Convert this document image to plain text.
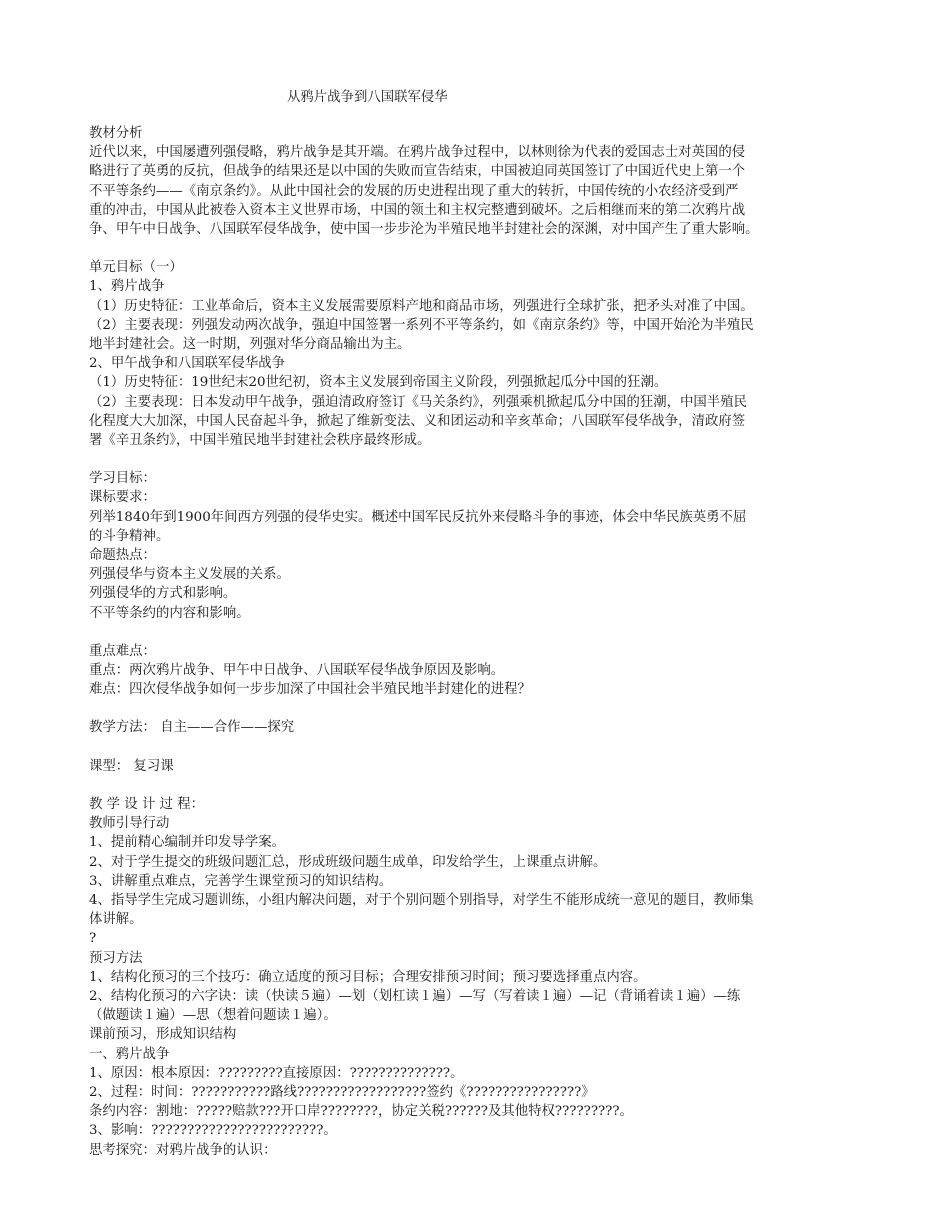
从鸦片战争到八国联军侵华
教材分析
近代以来，中国屡遭列强侵略，鸦片战争是其开端。在鸦片战争过程中，以林则徐为代表的爱国志士对英国的侵
略进行了英勇的反抗，但战争的结果还是以中国的失败而宣告结束，中国被迫同英国签订了中国近代史上第一个
不平等条约——《南京条约》。从此中国社会的发展的历史进程出现了重大的转折，中国传统的小农经济受到严
重的冲击，中国从此被卷入资本主义世界市场，中国的领土和主权完整遭到破坏。之后相继而来的第二次鸦片战
争、甲午中日战争、八国联军侵华战争，使中国一步步沦为半殖民地半封建社会的深渊，对中国产生了重大影响。
单元目标（一）
1、鸦片战争
（1）历史特征：工业革命后，资本主义发展需要原料产地和商品市场，列强进行全球扩张，把矛头对准了中国。
（2）主要表现：列强发动两次战争，强迫中国签署一系列不平等条约，如《南京条约》等，中国开始沦为半殖民
地半封建社会。这一时期，列强对华分商品输出为主。
2、甲午战争和八国联军侵华战争
（1）历史特征：19世纪末20世纪初，资本主义发展到帝国主义阶段，列强掀起瓜分中国的狂潮。
（2）主要表现：日本发动甲午战争，强迫清政府签订《马关条约》，列强乘机掀起瓜分中国的狂潮，中国半殖民
化程度大大加深，中国人民奋起斗争，掀起了维新变法、义和团运动和辛亥革命；八国联军侵华战争，清政府签
署《辛丑条约》，中国半殖民地半封建社会秩序最终形成。
学习目标：
课标要求：
列举1840年到1900年间西方列强的侵华史实。概述中国军民反抗外来侵略斗争的事迹，体会中华民族英勇不屈
的斗争精神。
命题热点：
列强侵华与资本主义发展的关系。
列强侵华的方式和影响。
不平等条约的内容和影响。
重点难点：
重点：两次鸦片战争、甲午中日战争、八国联军侵华战争原因及影响。
难点：四次侵华战争如何一步步加深了中国社会半殖民地半封建化的进程？
教学方法： 自主——合作——探究
课型： 复习课
教 学 设 计 过 程：
教师引导行动
1、提前精心编制并印发导学案。
2、对于学生提交的班级问题汇总，形成班级问题生成单，印发给学生，上课重点讲解。
3、讲解重点难点，完善学生课堂预习的知识结构。
4、指导学生完成习题训练，小组内解决问题，对于个别问题个别指导，对学生不能形成统一意见的题目，教师集
体讲解。
?
预习方法
1、结构化预习的三个技巧：确立适度的预习目标；合理安排预习时间；预习要选择重点内容。
2、结构化预习的六字诀：读（快读５遍）—划（划杠读１遍）—写（写着读１遍）—记（背诵着读１遍）—练
（做题读１遍）—思（想着问题读１遍）。
课前预习，形成知识结构
一、鸦片战争
1、原因：根本原因：?????????直接原因：??????????????。
2、过程：时间：???????????路线??????????????????签约《????????????????》
条约内容：割地：?????赔款???开口岸????????，协定关税??????及其他特权?????????。
3、影响：????????????????????????。
思考探究：对鸦片战争的认识：
